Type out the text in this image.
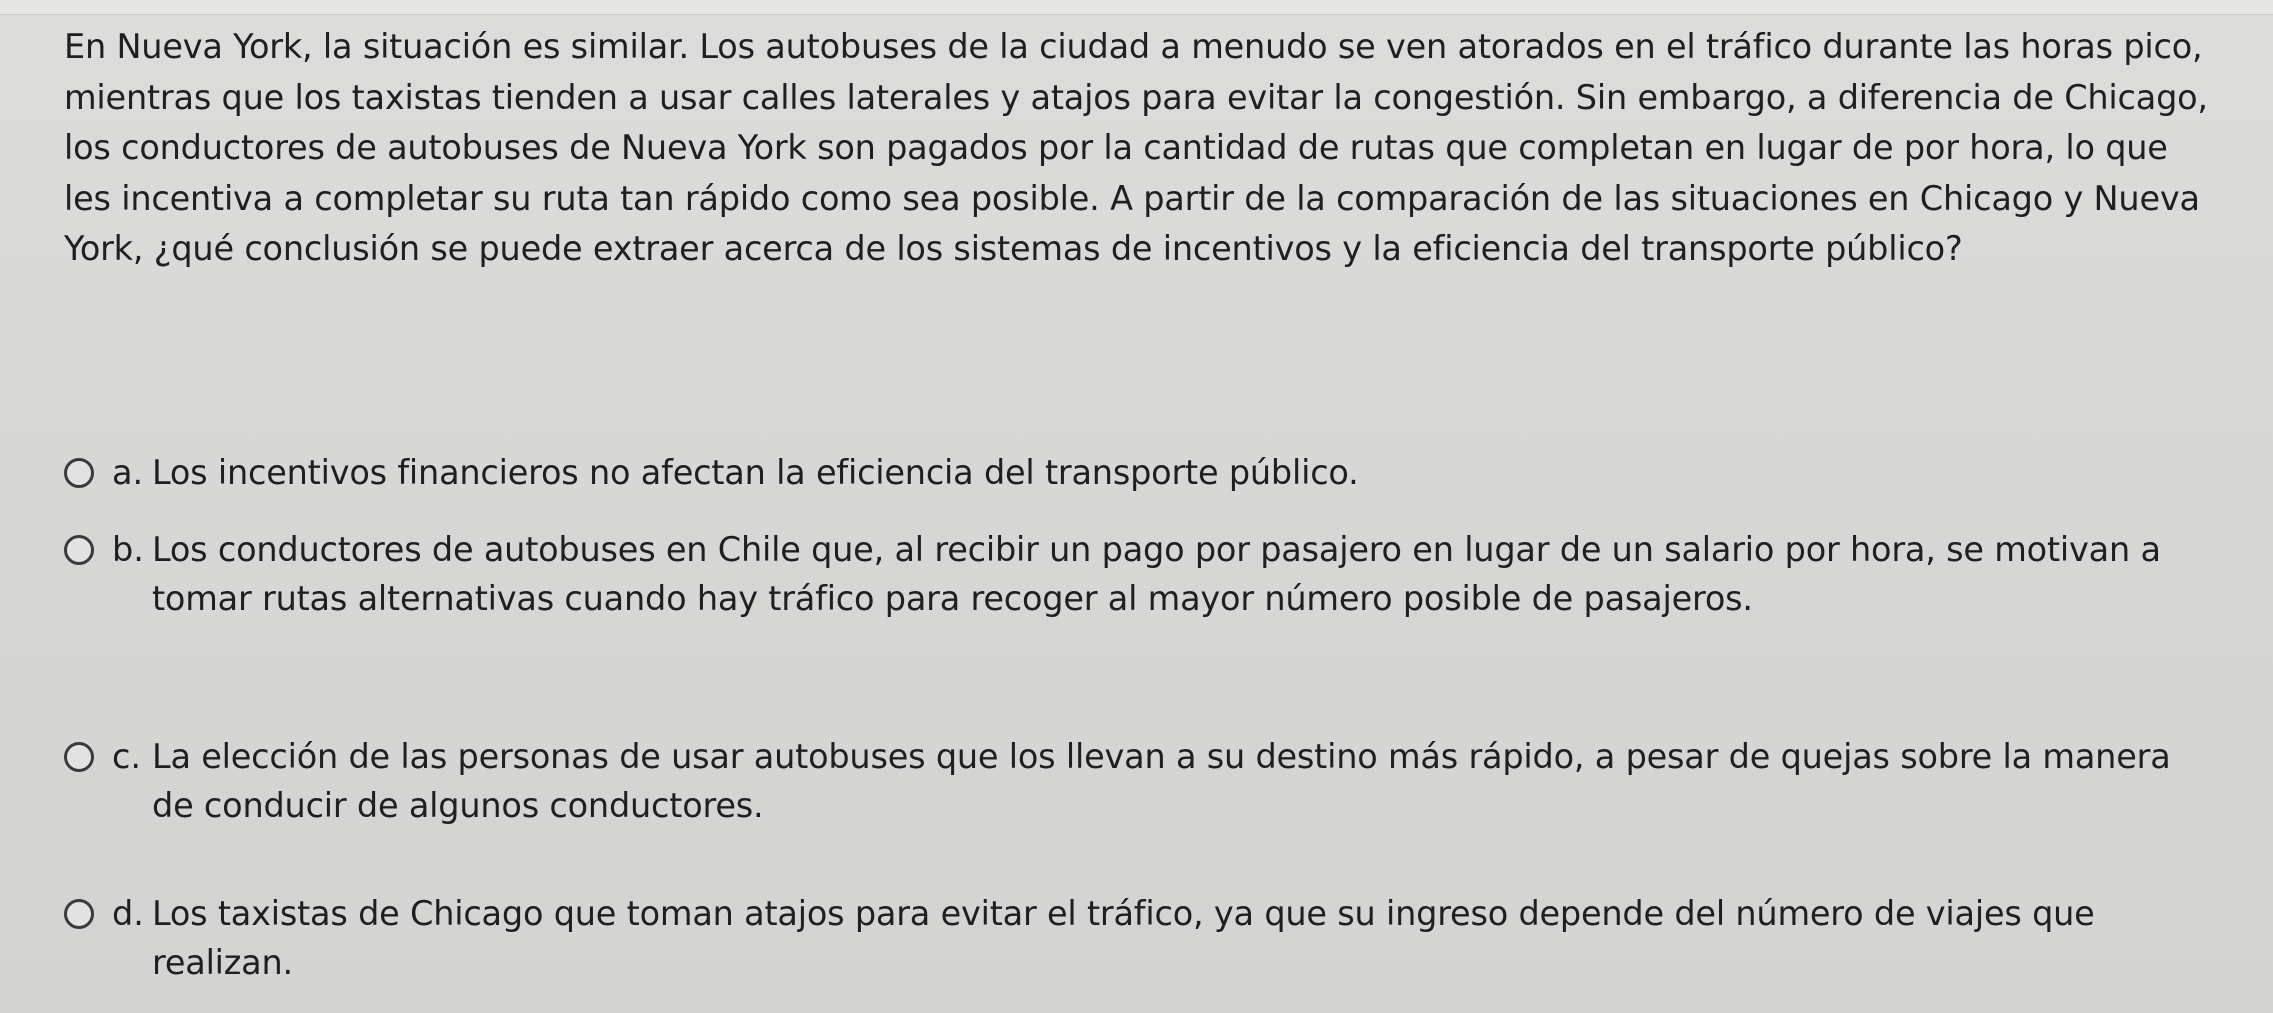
En Nueva York, la situación es similar. Los autobuses de la ciudad a menudo se ven atorados en el tráfico durante las horas pico, mientras que los taxistas tienden a usar calles laterales y atajos para evitar la congestión. Sin embargo, a diferencia de Chicago, los conductores de autobuses de Nueva York son pagados por la cantidad de rutas que completan en lugar de por hora, lo que les incentiva a completar su ruta tan rápido como sea posible. A partir de la comparación de las situaciones en Chicago y Nueva York, ¿qué conclusión se puede extraer acerca de los sistemas de incentivos y la eficiencia del transporte público?
a. Los incentivos financieros no afectan la eficiencia del transporte público.
b. Los conductores de autobuses en Chile que, al recibir un pago por pasajero en lugar de un salario por hora, se motivan a tomar rutas alternativas cuando hay tráfico para recoger al mayor número posible de pasajeros.
c. La elección de las personas de usar autobuses que los llevan a su destino más rápido, a pesar de quejas sobre la manera de conducir de algunos conductores.
d. Los taxistas de Chicago que toman atajos para evitar el tráfico, ya que su ingreso depende del número de viajes que realizan.
